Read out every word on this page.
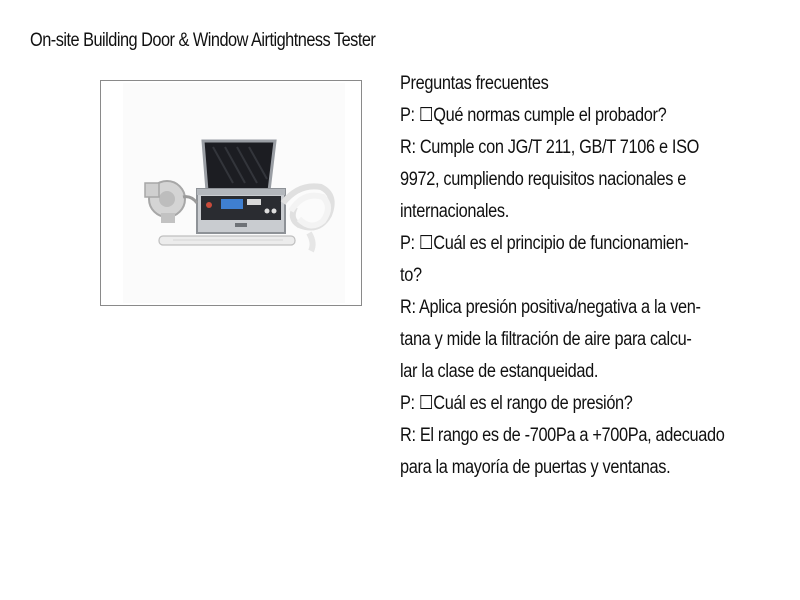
On-site Building Door & Window Airtightness Tester
Preguntas frecuentes
P: ☐Qué normas cumple el probador?
R: Cumple con JG/T 211, GB/T 7106 e ISO
9972, cumpliendo requisitos nacionales e
internacionales.
P: ☐Cuál es el principio de funcionamien-
to?
R: Aplica presión positiva/negativa a la ven-
tana y mide la filtración de aire para calcu-
lar la clase de estanqueidad.
P: ☐Cuál es el rango de presión?
R: El rango es de -700Pa a +700Pa, adecuado
para la mayoría de puertas y ventanas.
